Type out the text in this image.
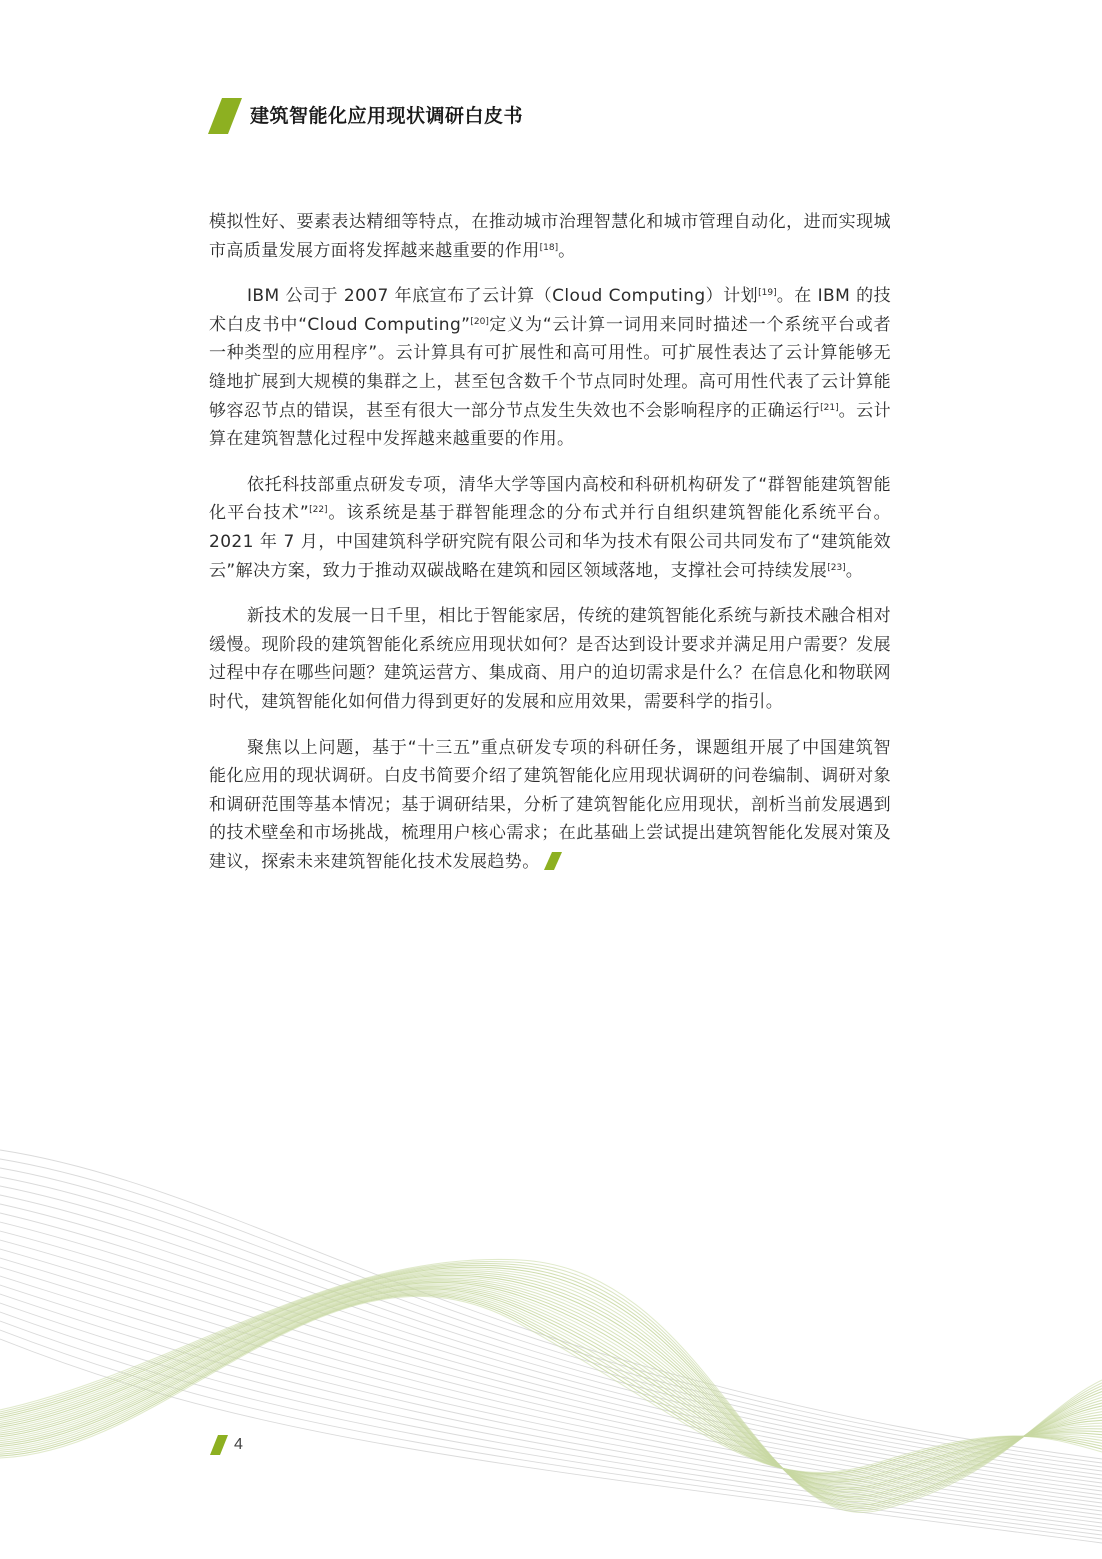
建筑智能化应用现状调研白皮书

模拟性好、要素表达精细等特点，在推动城市治理智慧化和城市管理自动化，进而实现城市高质量发展方面将发挥越来越重要的作用[18]。

IBM 公司于 2007 年底宣布了云计算（Cloud Computing）计划[19]。在 IBM 的技术白皮书中“Cloud Computing”[20]定义为“云计算一词用来同时描述一个系统平台或者一种类型的应用程序”。云计算具有可扩展性和高可用性。可扩展性表达了云计算能够无缝地扩展到大规模的集群之上，甚至包含数千个节点同时处理。高可用性代表了云计算能够容忍节点的错误，甚至有很大一部分节点发生失效也不会影响程序的正确运行[21]。云计算在建筑智慧化过程中发挥越来越重要的作用。

依托科技部重点研发专项，清华大学等国内高校和科研机构研发了“群智能建筑智能化平台技术”[22]。该系统是基于群智能理念的分布式并行自组织建筑智能化系统平台。2021 年 7 月，中国建筑科学研究院有限公司和华为技术有限公司共同发布了“建筑能效云”解决方案，致力于推动双碳战略在建筑和园区领域落地，支撑社会可持续发展[23]。

新技术的发展一日千里，相比于智能家居，传统的建筑智能化系统与新技术融合相对缓慢。现阶段的建筑智能化系统应用现状如何？是否达到设计要求并满足用户需要？发展过程中存在哪些问题？建筑运营方、集成商、用户的迫切需求是什么？在信息化和物联网时代，建筑智能化如何借力得到更好的发展和应用效果，需要科学的指引。

聚焦以上问题，基于“十三五”重点研发专项的科研任务，课题组开展了中国建筑智能化应用的现状调研。白皮书简要介绍了建筑智能化应用现状调研的问卷编制、调研对象和调研范围等基本情况；基于调研结果，分析了建筑智能化应用现状，剖析当前发展遇到的技术壁垒和市场挑战，梳理用户核心需求；在此基础上尝试提出建筑智能化发展对策及建议，探索未来建筑智能化技术发展趋势。

4
